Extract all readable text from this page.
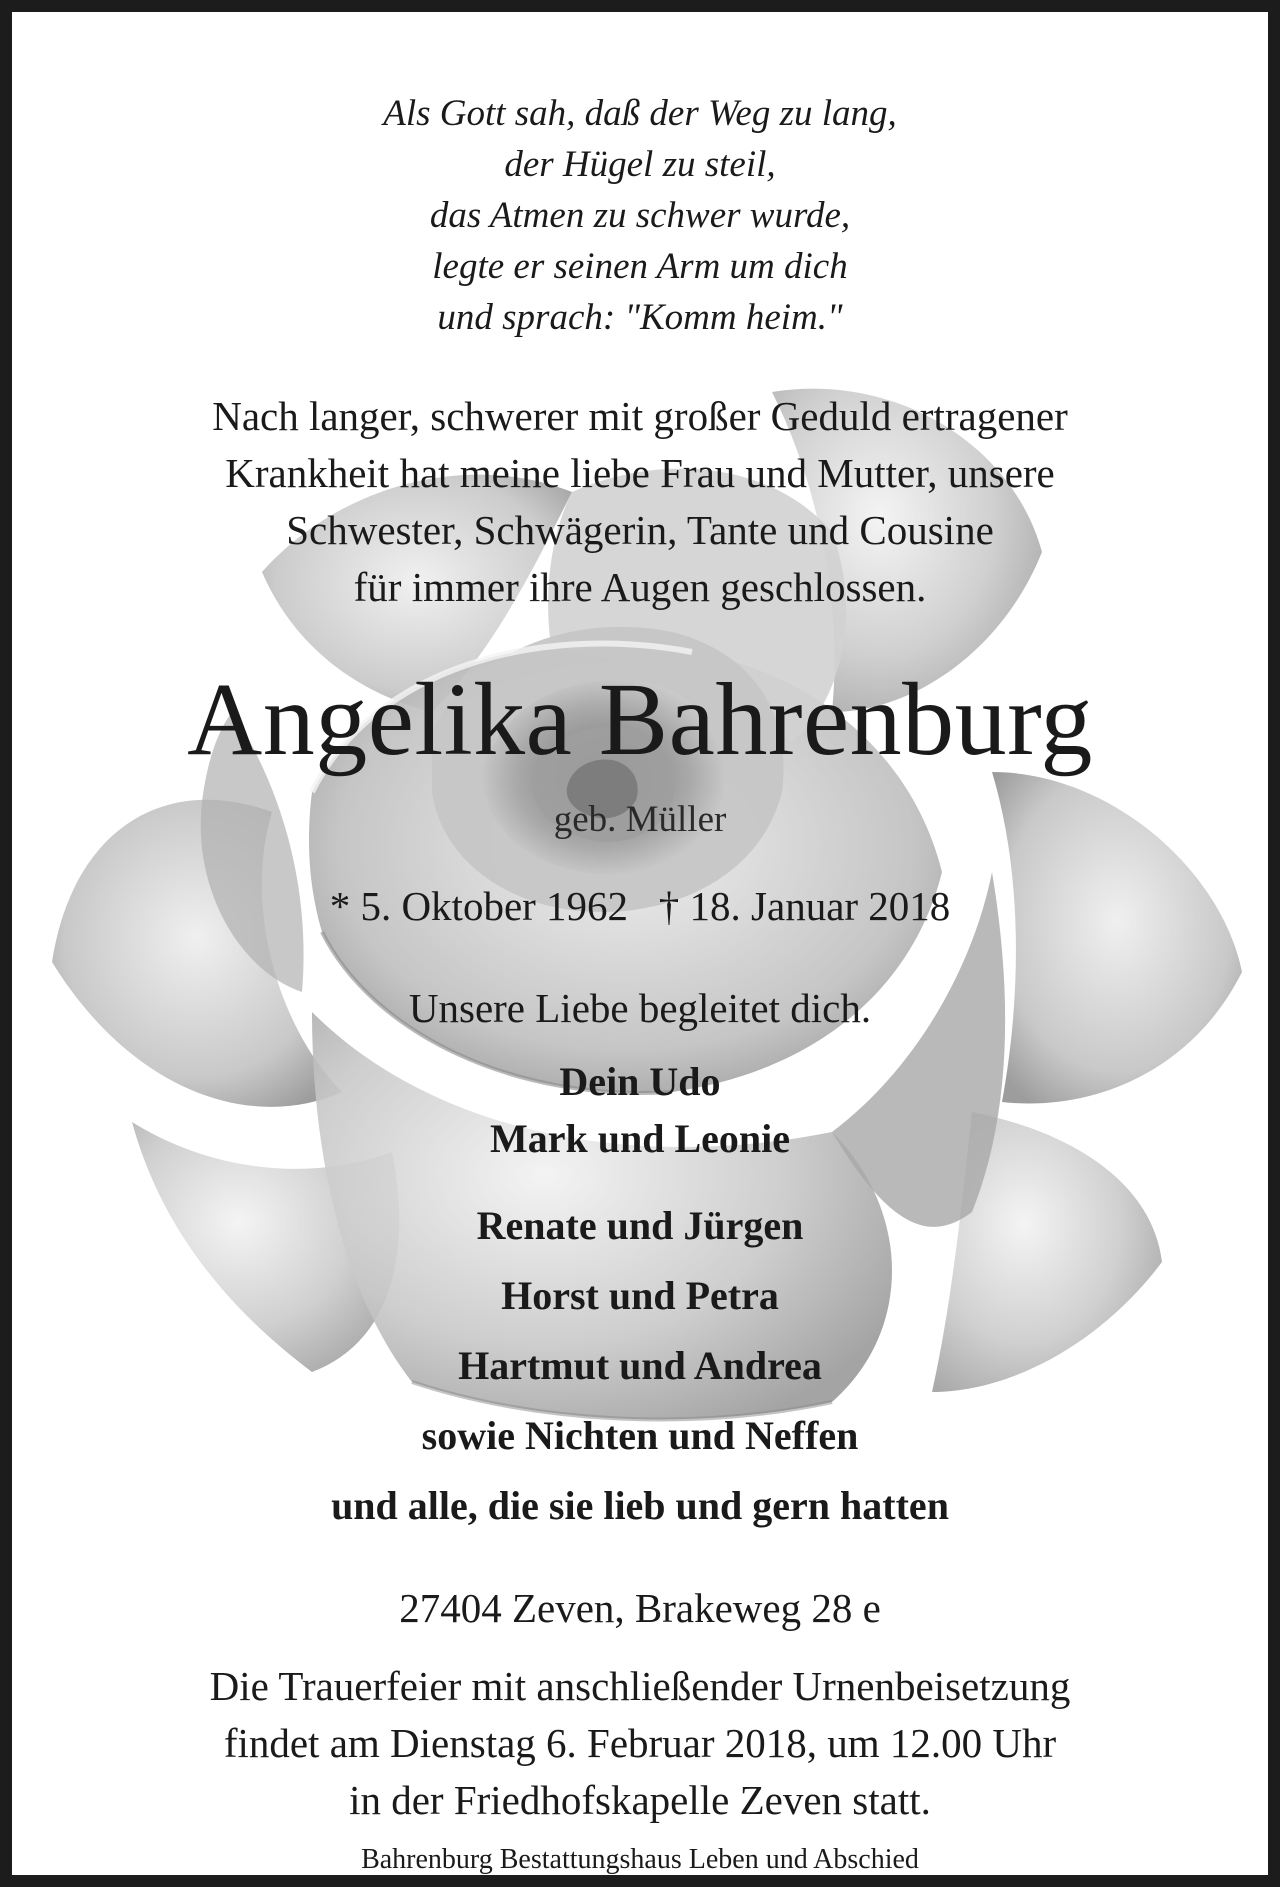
Als Gott sah, daß der Weg zu lang,
der Hügel zu steil,
das Atmen zu schwer wurde,
legte er seinen Arm um dich
und sprach: "Komm heim."
Nach langer, schwerer mit großer Geduld ertragener
Krankheit hat meine liebe Frau und Mutter, unsere
Schwester, Schwägerin, Tante und Cousine
für immer ihre Augen geschlossen.
Angelika Bahrenburg
geb. Müller
* 5. Oktober 1962   † 18. Januar 2018
Unsere Liebe begleitet dich.
Dein Udo
Mark und Leonie
Renate und Jürgen
Horst und Petra
Hartmut und Andrea
sowie Nichten und Neffen
und alle, die sie lieb und gern hatten
27404 Zeven, Brakeweg 28 e
Die Trauerfeier mit anschließender Urnenbeisetzung
findet am Dienstag 6. Februar 2018, um 12.00 Uhr
in der Friedhofskapelle Zeven statt.
Bahrenburg Bestattungshaus Leben und Abschied
